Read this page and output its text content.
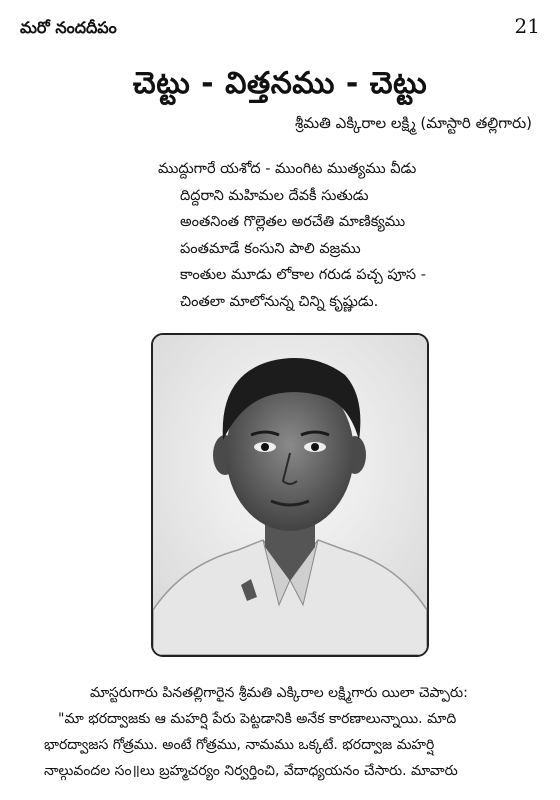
మరో నందదీపం	21
చెట్టు - విత్తనము - చెట్టు
శ్రీమతి ఎక్కిరాల లక్ష్మి (మాస్టారి తల్లిగారు)
ముద్దుగారే యశోద - ముంగిట ముత్యము వీడు
దిద్దరాని మహిమల దేవకీ సుతుడు
అంతనింత గొల్లెతల అరచేతి మాణిక్యము
పంతమాడే కంసుని పాలి వజ్రము
కాంతుల మూడు లోకాల గరుడ పచ్చ పూస -
చింతలా మాలోనున్న చిన్ని కృష్ణుడు.
మాస్టరుగారు పినతల్లిగారైన శ్రీమతి ఎక్కిరాల లక్ష్మిగారు యిలా చెప్పారు:
"మా భరద్వాజకు ఆ మహర్షి పేరు పెట్టడానికి అనేక కారణాలున్నాయి. మాది
భారద్వాజస గోత్రము. అంటే గోత్రము, నామము ఒక్కటే. భరద్వాజ మహర్షి
నాల్గువందల సం॥లు బ్రహ్మచర్యం నిర్వర్తించి, వేదాధ్యయనం చేసారు. మావారు
